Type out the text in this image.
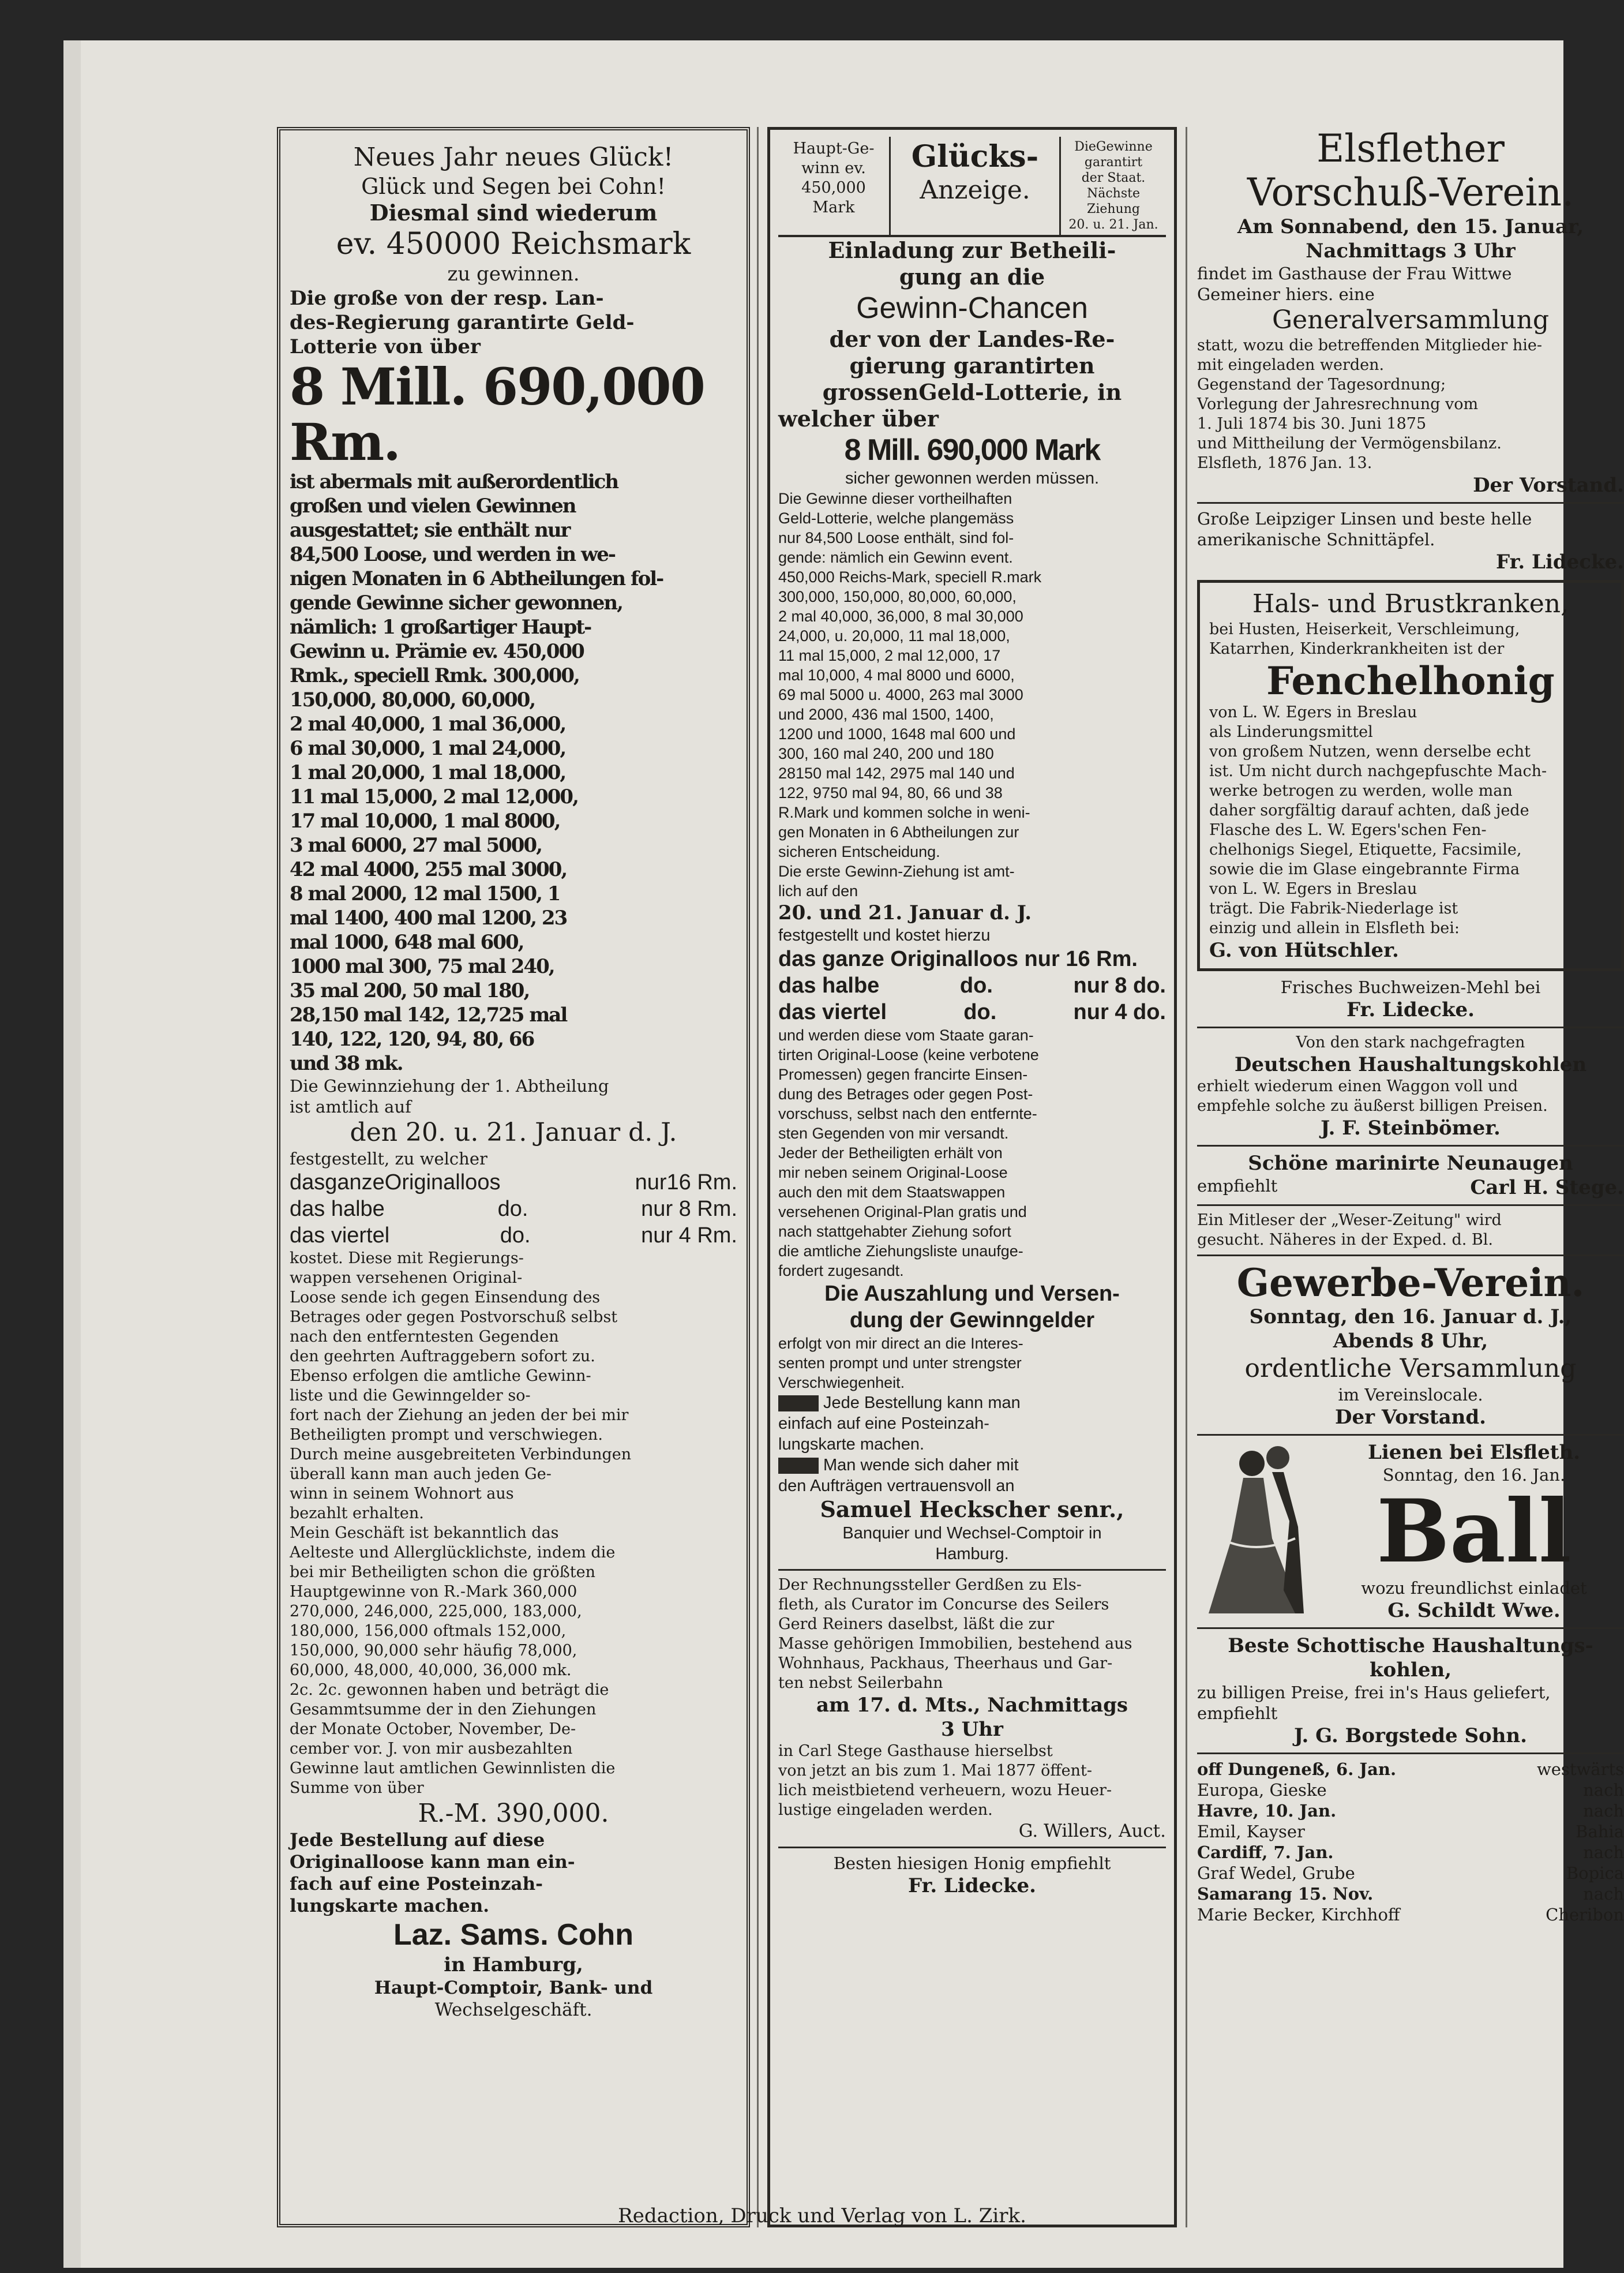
Neues Jahr neues Glück!
Glück und Segen bei Cohn!
Diesmal sind wiederum
ev. 450000 Reichsmark
zu gewinnen.
Die große von der resp. Lan-
des-Regierung garantirte Geld-
Lotterie von über
8 Mill. 690,000 Rm.
ist abermals mit außerordentlich
großen und vielen Gewinnen
ausgestattet; sie enthält nur
84,500 Loose, und werden in we-
nigen Monaten in 6 Abtheilungen fol-
gende Gewinne sicher gewonnen,
nämlich: 1 großartiger Haupt-
Gewinn u. Prämie ev. 450,000
Rmk., speciell Rmk. 300,000,
150,000, 80,000, 60,000,
2 mal 40,000, 1 mal 36,000,
6 mal 30,000, 1 mal 24,000,
1 mal 20,000, 1 mal 18,000,
11 mal 15,000, 2 mal 12,000,
17 mal 10,000, 1 mal 8000,
3 mal 6000, 27 mal 5000,
42 mal 4000, 255 mal 3000,
8 mal 2000, 12 mal 1500, 1
mal 1400, 400 mal 1200, 23
mal 1000, 648 mal 600,
1000 mal 300, 75 mal 240,
35 mal 200, 50 mal 180,
28,150 mal 142, 12,725 mal
140, 122, 120, 94, 80, 66
und 38 mk.
Die Gewinnziehung der 1. Abtheilung
ist amtlich auf
den 20. u. 21. Januar d. J.
festgestellt, zu welcher
dasganzeOriginalloos	nur16 Rm.
das halbe	do.	nur 8 Rm.
das viertel	do.	nur 4 Rm.
kostet. Diese mit Regierungs-
wappen versehenen Original-
Loose sende ich gegen Einsendung des
Betrages oder gegen Postvorschuß selbst
nach den entferntesten Gegenden
den geehrten Auftraggebern sofort zu.
Ebenso erfolgen die amtliche Gewinn-
liste und die Gewinngelder so-
fort nach der Ziehung an jeden der bei mir
Betheiligten prompt und verschwiegen.
Durch meine ausgebreiteten Verbindungen
überall kann man auch jeden Ge-
winn in seinem Wohnort aus
bezahlt erhalten.
Mein Geschäft ist bekanntlich das
Aelteste und Allerglücklichste, indem die
bei mir Betheiligten schon die größten
Hauptgewinne von R.-Mark 360,000
270,000, 246,000, 225,000, 183,000,
180,000, 156,000 oftmals 152,000,
150,000, 90,000 sehr häufig 78,000,
60,000, 48,000, 40,000, 36,000 mk.
2c. 2c. gewonnen haben und beträgt die
Gesammtsumme der in den Ziehungen
der Monate October, November, De-
cember vor. J. von mir ausbezahlten
Gewinne laut amtlichen Gewinnlisten die
Summe von über
R.-M. 390,000.
Jede Bestellung auf diese
Originalloose kann man ein-
fach auf eine Posteinzah-
lungskarte machen.
Laz. Sams. Cohn
in Hamburg,
Haupt-Comptoir, Bank- und
Wechselgeschäft.
Haupt-Ge-
winn ev.
450,000 Mark
Glücks-
Anzeige.
DieGewinne
garantirt
der Staat.
Nächste Ziehung
20. u. 21. Jan.
Einladung zur Betheili-
gung an die
Gewinn-Chancen
der von der Landes-Re-
gierung garantirten
grossenGeld-Lotterie, in
welcher über
8 Mill. 690,000 Mark
sicher gewonnen werden müssen.
Die Gewinne dieser vortheilhaften
Geld-Lotterie, welche plangemäss
nur 84,500 Loose enthält, sind fol-
gende: nämlich ein Gewinn event.
450,000 Reichs-Mark, speciell R.mark
300,000, 150,000, 80,000, 60,000,
2 mal 40,000, 36,000, 8 mal 30,000
24,000, u. 20,000, 11 mal 18,000,
11 mal 15,000, 2 mal 12,000, 17
mal 10,000, 4 mal 8000 und 6000,
69 mal 5000 u. 4000, 263 mal 3000
und 2000, 436 mal 1500, 1400,
1200 und 1000, 1648 mal 600 und
300, 160 mal 240, 200 und 180
28150 mal 142, 2975 mal 140 und
122, 9750 mal 94, 80, 66 und 38
R.Mark und kommen solche in weni-
gen Monaten in 6 Abtheilungen zur
sicheren Entscheidung.
Die erste Gewinn-Ziehung ist amt-
lich auf den
20. und 21. Januar d. J.
festgestellt und kostet hierzu
das ganze Originalloos nur 16 Rm.
das halbe	do.	nur 8 do.
das viertel	do.	nur 4 do.
und werden diese vom Staate garan-
tirten Original-Loose (keine verbotene
Promessen) gegen francirte Einsen-
dung des Betrages oder gegen Post-
vorschuss, selbst nach den entfernte-
sten Gegenden von mir versandt.
Jeder der Betheiligten erhält von
mir neben seinem Original-Loose
auch den mit dem Staatswappen
versehenen Original-Plan gratis und
nach stattgehabter Ziehung sofort
die amtliche Ziehungsliste unaufge-
fordert zugesandt.
Die Auszahlung und Versen-
dung der Gewinngelder
erfolgt von mir direct an die Interes-
senten prompt und unter strengster
Verschwiegenheit.
Jede Bestellung kann man
einfach auf eine Posteinzah-
lungskarte machen.
Man wende sich daher mit
den Aufträgen vertrauensvoll an
Samuel Heckscher senr.,
Banquier und Wechsel-Comptoir in
Hamburg.
Der Rechnungssteller Gerdßen zu Els-
fleth, als Curator im Concurse des Seilers
Gerd Reiners daselbst, läßt die zur
Masse gehörigen Immobilien, bestehend aus
Wohnhaus, Packhaus, Theerhaus und Gar-
ten nebst Seilerbahn
am 17. d. Mts., Nachmittags
3 Uhr
in Carl Stege Gasthause hierselbst
von jetzt an bis zum 1. Mai 1877 öffent-
lich meistbietend verheuern, wozu Heuer-
lustige eingeladen werden.
G. Willers, Auct.
Besten hiesigen Honig empfiehlt
Fr. Lidecke.
Elsflether
Vorschuß-Verein.
Am Sonnabend, den 15. Januar,
Nachmittags 3 Uhr
findet im Gasthause der Frau Wittwe
Gemeiner hiers. eine
Generalversammlung
statt, wozu die betreffenden Mitglieder hie-
mit eingeladen werden.
Gegenstand der Tagesordnung;
Vorlegung der Jahresrechnung vom
1. Juli 1874 bis 30. Juni 1875
und Mittheilung der Vermögensbilanz.
Elsfleth, 1876 Jan. 13.
Der Vorstand.
Große Leipziger Linsen und beste helle
amerikanische Schnittäpfel.
Fr. Lidecke.
Hals- und Brustkranken,
bei Husten, Heiserkeit, Verschleimung,
Katarrhen, Kinderkrankheiten ist der
Fenchelhonig
von L. W. Egers in Breslau
als Linderungsmittel
von großem Nutzen, wenn derselbe echt
ist. Um nicht durch nachgepfuschte Mach-
werke betrogen zu werden, wolle man
daher sorgfältig darauf achten, daß jede
Flasche des L. W. Egers'schen Fen-
chelhonigs Siegel, Etiquette, Facsimile,
sowie die im Glase eingebrannte Firma
von L. W. Egers in Breslau
trägt. Die Fabrik-Niederlage ist
einzig und allein in Elsfleth bei:
G. von Hütschler.
Frisches Buchweizen-Mehl bei
Fr. Lidecke.
Von den stark nachgefragten
Deutschen Haushaltungskohlen
erhielt wiederum einen Waggon voll und
empfehle solche zu äußerst billigen Preisen.
J. F. Steinbömer.
Schöne marinirte Neunaugen
empfiehlt	Carl H. Stege.
Ein Mitleser der „Weser-Zeitung" wird
gesucht. Näheres in der Exped. d. Bl.
Gewerbe-Verein.
Sonntag, den 16. Januar d. J.,
Abends 8 Uhr,
ordentliche Versammlung
im Vereinslocale.
Der Vorstand.
Lienen bei Elsfleth.
Sonntag, den 16. Jan.
Ball
wozu freundlichst einladet
G. Schildt Wwe.
Beste Schottische Haushaltungs-
kohlen,
zu billigen Preise, frei in's Haus geliefert,
empfiehlt
J. G. Borgstede Sohn.
off Dungeneß, 6. Jan.	westwärts
Europa, Gieske	nach
Havre, 10. Jan.	nach
Emil, Kayser	Bahia
Cardiff, 7. Jan.	nach
Graf Wedel, Grube	Bopica
Samarang 15. Nov.	nach
Marie Becker, Kirchhoff	Cheribon
Redaction, Druck und Verlag von L. Zirk.
